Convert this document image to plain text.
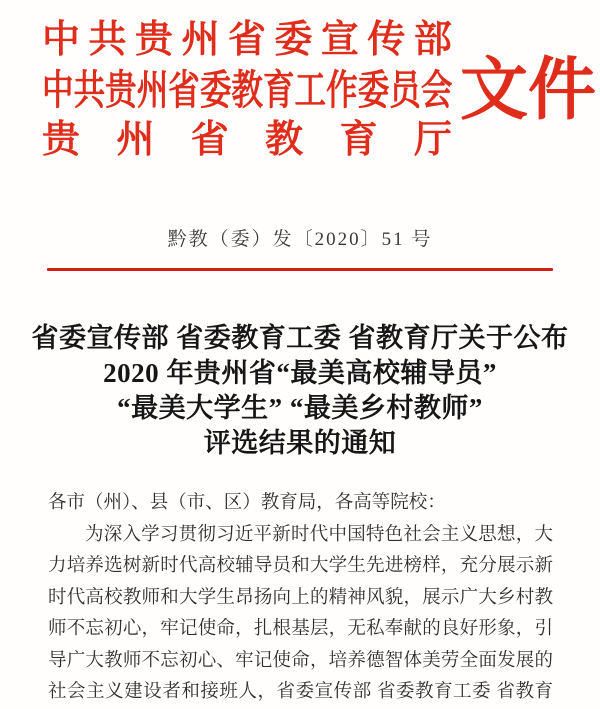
中 共 贵 州 省 委 宣 传 部
中共贵州省委教育工作委员会
贵 州 省 教 育 厅
文件
黔教（委）发〔2020〕51 号
省委宣传部 省委教育工委 省教育厅关于公布
2020 年贵州省“最美高校辅导员”
“最美大学生” “最美乡村教师”
评选结果的通知
各市（州）、县（市、区）教育局，各高等院校：
为深入学习贯彻习近平新时代中国特色社会主义思想，大
力培养选树新时代高校辅导员和大学生先进榜样，充分展示新
时代高校教师和大学生昂扬向上的精神风貌，展示广大乡村教
师不忘初心，牢记使命，扎根基层，无私奉献的良好形象，引
导广大教师不忘初心、牢记使命，培养德智体美劳全面发展的
社会主义建设者和接班人，省委宣传部 省委教育工委 省教育
